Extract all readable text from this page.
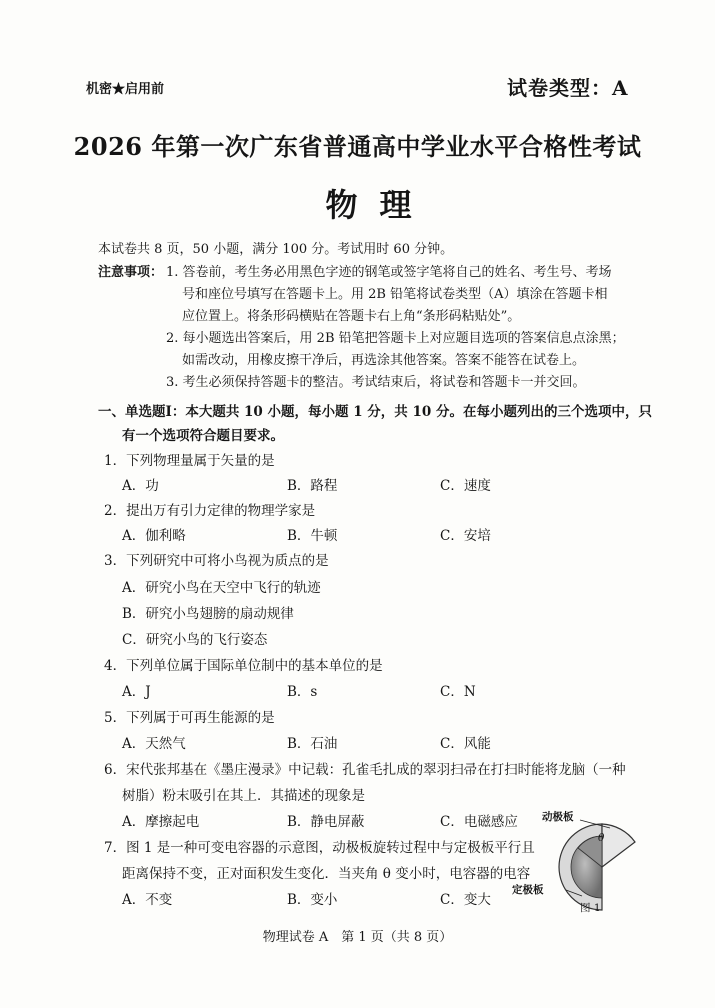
机密★启用前	试卷类型：A
2026 年第一次广东省普通高中学业水平合格性考试
物理
本试卷共 8 页，50 小题，满分 100 分。考试用时 60 分钟。
注意事项： 1. 答卷前，考生务必用黑色字迹的钢笔或签字笔将自己的姓名、考生号、考场
号和座位号填写在答题卡上。用 2B 铅笔将试卷类型（A）填涂在答题卡相
应位置上。将条形码横贴在答题卡右上角“条形码粘贴处”。
2. 每小题选出答案后，用 2B 铅笔把答题卡上对应题目选项的答案信息点涂黑；
如需改动，用橡皮擦干净后，再选涂其他答案。答案不能答在试卷上。
3. 考生必须保持答题卡的整洁。考试结束后，将试卷和答题卡一并交回。
一、单选题Ⅰ：本大题共 10 小题，每小题 1 分，共 10 分。在每小题列出的三个选项中，只
有一个选项符合题目要求。
1．下列物理量属于矢量的是
A．功	B．路程	C．速度
2．提出万有引力定律的物理学家是
A．伽利略	B．牛顿	C．安培
3．下列研究中可将小鸟视为质点的是
A．研究小鸟在天空中飞行的轨迹
B．研究小鸟翅膀的扇动规律
C．研究小鸟的飞行姿态
4．下列单位属于国际单位制中的基本单位的是
A．J	B．s	C．N
5．下列属于可再生能源的是
A．天然气	B．石油	C．风能
6．宋代张邦基在《墨庄漫录》中记载：孔雀毛扎成的翠羽扫帚在打扫时能将龙脑（一种
树脂）粉末吸引在其上．其描述的现象是
A．摩擦起电	B．静电屏蔽	C．电磁感应
7．图 1 是一种可变电容器的示意图，动极板旋转过程中与定极板平行且
距离保持不变，正对面积发生变化．当夹角 θ 变小时，电容器的电容
A．不变	B．变小	C．变大
动极板
θ
定极板
图 1
物理试卷 A　第 1 页（共 8 页）
